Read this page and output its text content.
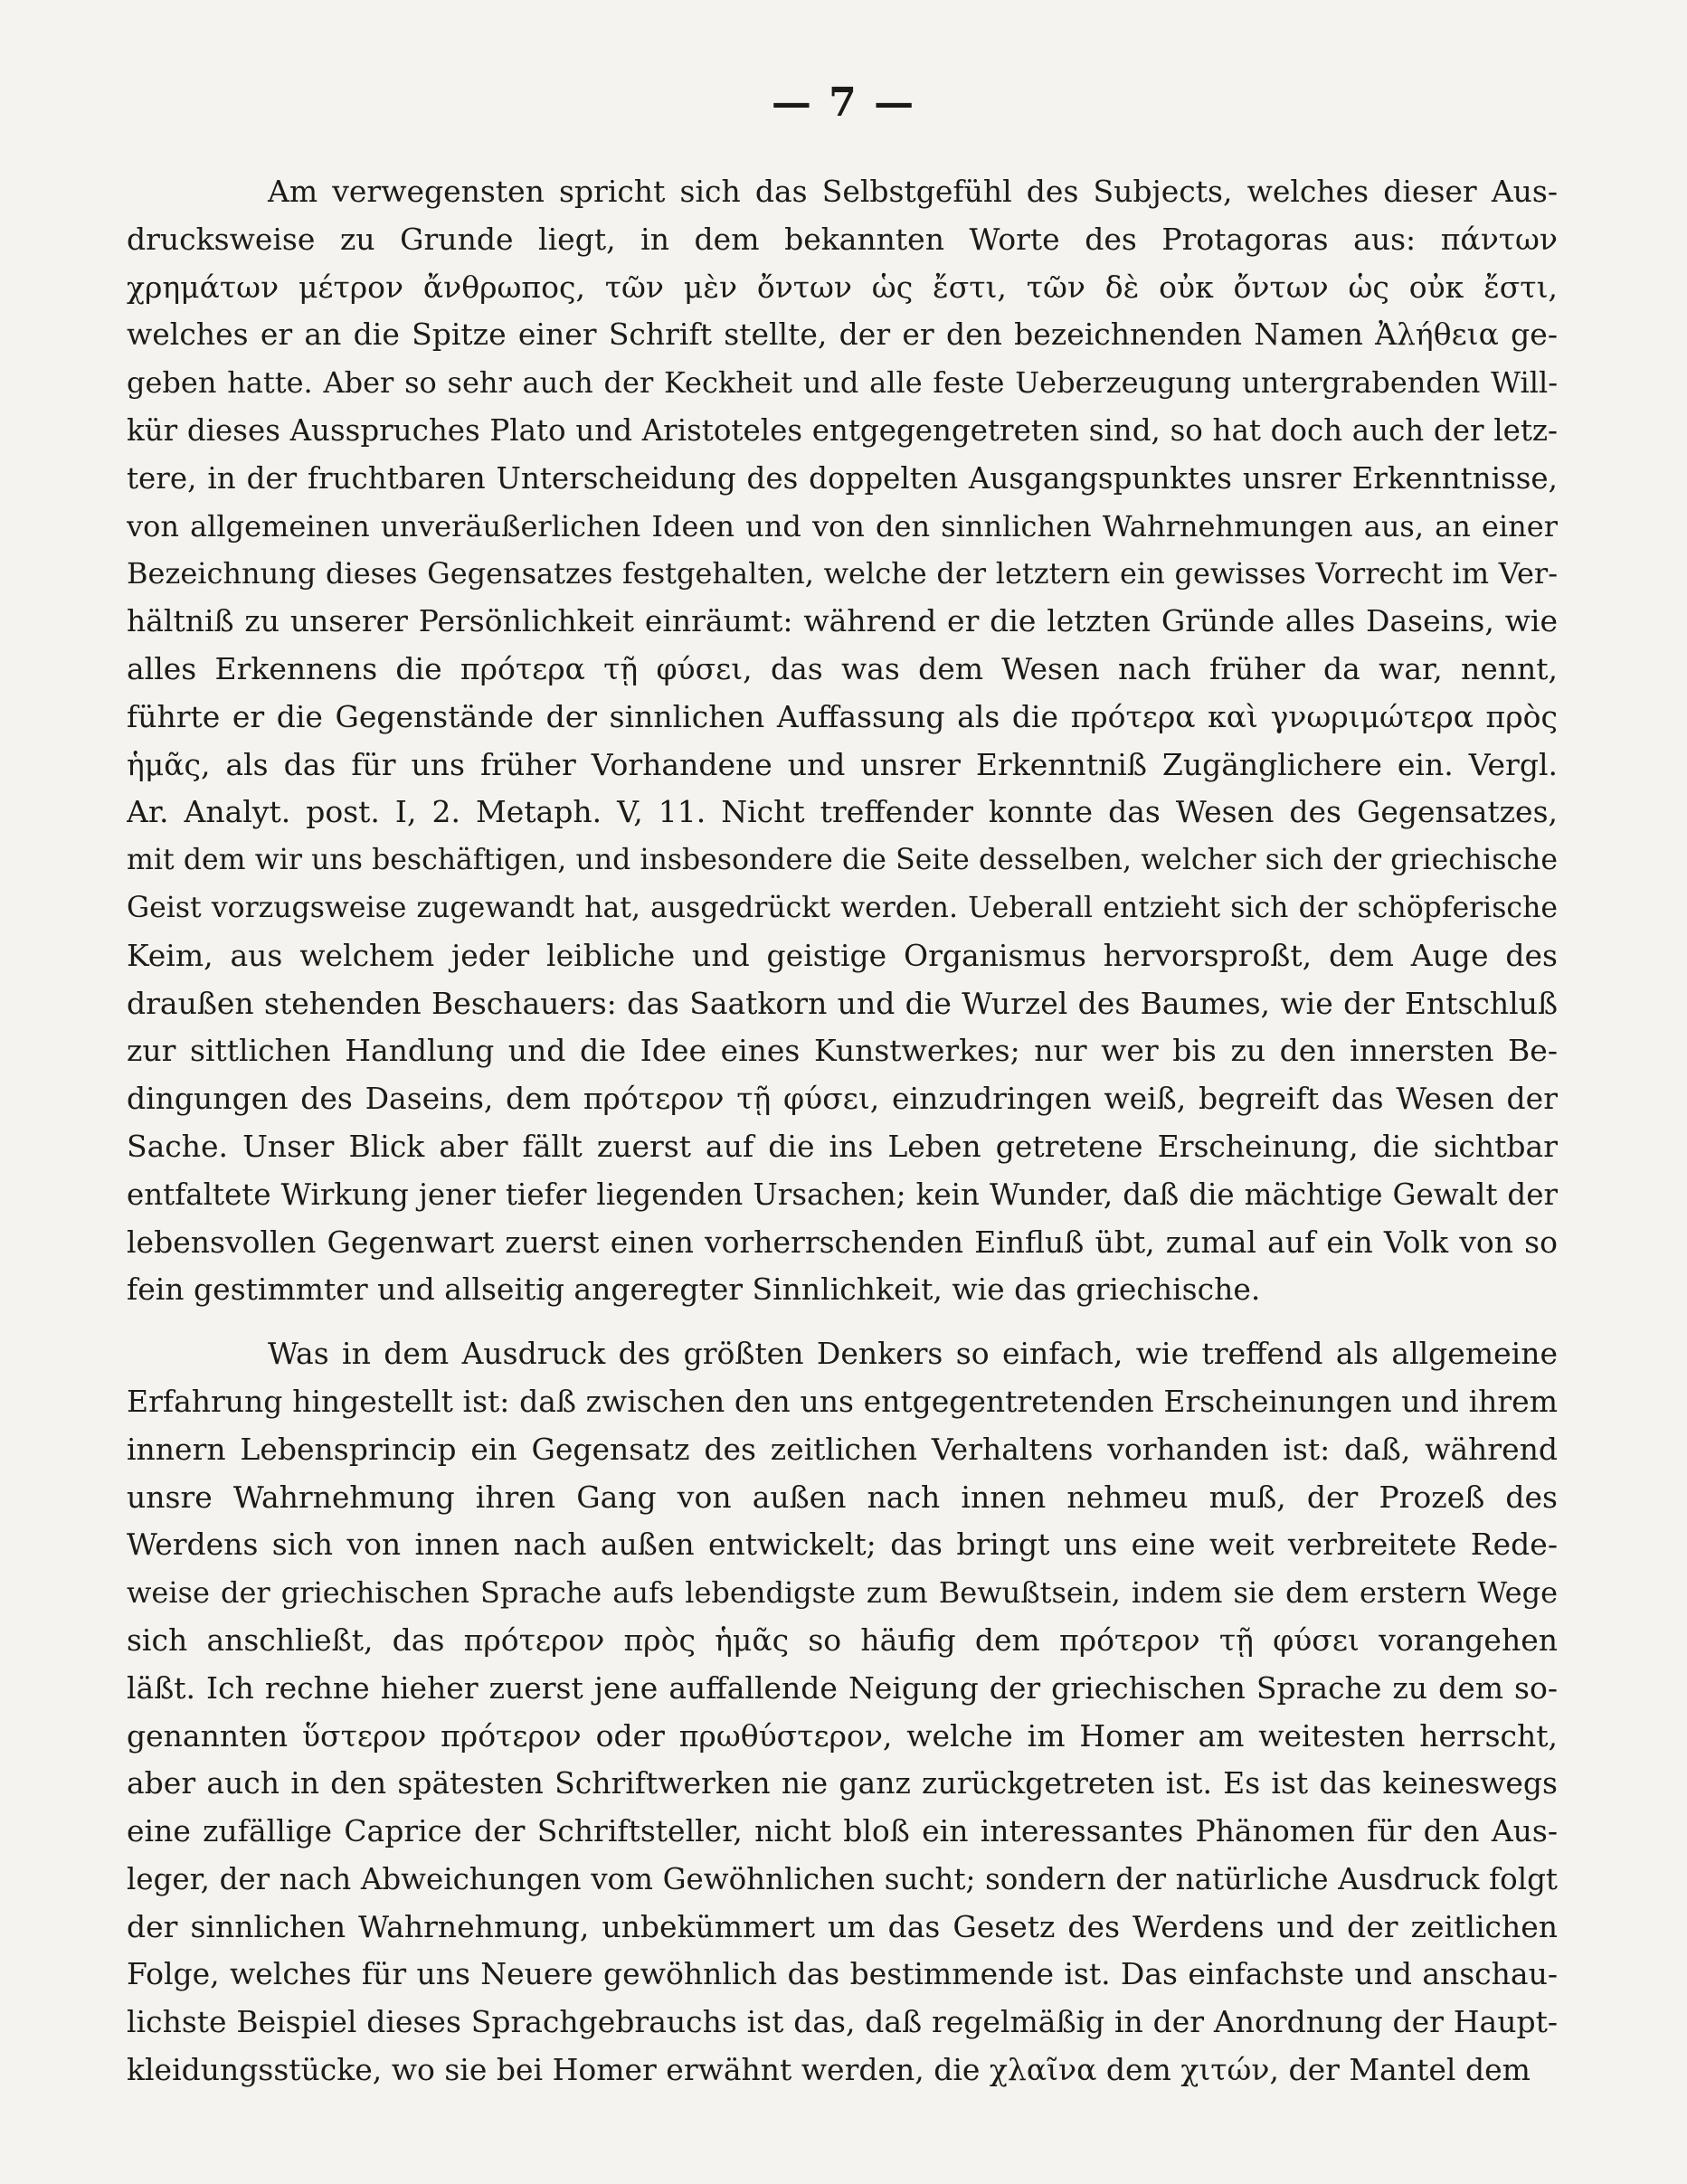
— 7 —
Am verwegensten spricht sich das Selbstgefühl des Subjects, welches dieser Aus-
drucksweise zu Grunde liegt, in dem bekannten Worte des Protagoras aus: πάντων
χρημάτων μέτρον ἄνθρωπος, τῶν μὲν ὄντων ὡς ἔστι, τῶν δὲ οὐκ ὄντων ὡς οὐκ ἔστι,
welches er an die Spitze einer Schrift stellte, der er den bezeichnenden Namen Ἀλήθεια ge-
geben hatte. Aber so sehr auch der Keckheit und alle feste Ueberzeugung untergrabenden Will-
kür dieses Ausspruches Plato und Aristoteles entgegengetreten sind, so hat doch auch der letz-
tere, in der fruchtbaren Unterscheidung des doppelten Ausgangspunktes unsrer Erkenntnisse,
von allgemeinen unveräußerlichen Ideen und von den sinnlichen Wahrnehmungen aus, an einer
Bezeichnung dieses Gegensatzes festgehalten, welche der letztern ein gewisses Vorrecht im Ver-
hältniß zu unserer Persönlichkeit einräumt: während er die letzten Gründe alles Daseins, wie
alles Erkennens die πρότερα τῇ φύσει, das was dem Wesen nach früher da war, nennt,
führte er die Gegenstände der sinnlichen Auffassung als die πρότερα καὶ γνωριμώτερα πρὸς
ἡμᾶς, als das für uns früher Vorhandene und unsrer Erkenntniß Zugänglichere ein. Vergl.
Ar. Analyt. post. I, 2. Metaph. V, 11. Nicht treffender konnte das Wesen des Gegensatzes,
mit dem wir uns beschäftigen, und insbesondere die Seite desselben, welcher sich der griechische
Geist vorzugsweise zugewandt hat, ausgedrückt werden. Ueberall entzieht sich der schöpferische
Keim, aus welchem jeder leibliche und geistige Organismus hervorsproßt, dem Auge des
draußen stehenden Beschauers: das Saatkorn und die Wurzel des Baumes, wie der Entschluß
zur sittlichen Handlung und die Idee eines Kunstwerkes; nur wer bis zu den innersten Be-
dingungen des Daseins, dem πρότερον τῇ φύσει, einzudringen weiß, begreift das Wesen der
Sache. Unser Blick aber fällt zuerst auf die ins Leben getretene Erscheinung, die sichtbar
entfaltete Wirkung jener tiefer liegenden Ursachen; kein Wunder, daß die mächtige Gewalt der
lebensvollen Gegenwart zuerst einen vorherrschenden Einfluß übt, zumal auf ein Volk von so
fein gestimmter und allseitig angeregter Sinnlichkeit, wie das griechische.
Was in dem Ausdruck des größten Denkers so einfach, wie treffend als allgemeine
Erfahrung hingestellt ist: daß zwischen den uns entgegentretenden Erscheinungen und ihrem
innern Lebensprincip ein Gegensatz des zeitlichen Verhaltens vorhanden ist: daß, während
unsre Wahrnehmung ihren Gang von außen nach innen nehmeu muß, der Prozeß des
Werdens sich von innen nach außen entwickelt; das bringt uns eine weit verbreitete Rede-
weise der griechischen Sprache aufs lebendigste zum Bewußtsein, indem sie dem erstern Wege
sich anschließt, das πρότερον πρὸς ἡμᾶς so häufig dem πρότερον τῇ φύσει vorangehen
läßt. Ich rechne hieher zuerst jene auffallende Neigung der griechischen Sprache zu dem so-
genannten ὕστερον πρότερον oder πρωθύστερον, welche im Homer am weitesten herrscht,
aber auch in den spätesten Schriftwerken nie ganz zurückgetreten ist. Es ist das keineswegs
eine zufällige Caprice der Schriftsteller, nicht bloß ein interessantes Phänomen für den Aus-
leger, der nach Abweichungen vom Gewöhnlichen sucht; sondern der natürliche Ausdruck folgt
der sinnlichen Wahrnehmung, unbekümmert um das Gesetz des Werdens und der zeitlichen
Folge, welches für uns Neuere gewöhnlich das bestimmende ist. Das einfachste und anschau-
lichste Beispiel dieses Sprachgebrauchs ist das, daß regelmäßig in der Anordnung der Haupt-
kleidungsstücke, wo sie bei Homer erwähnt werden, die χλαῖνα dem χιτών, der Mantel dem
